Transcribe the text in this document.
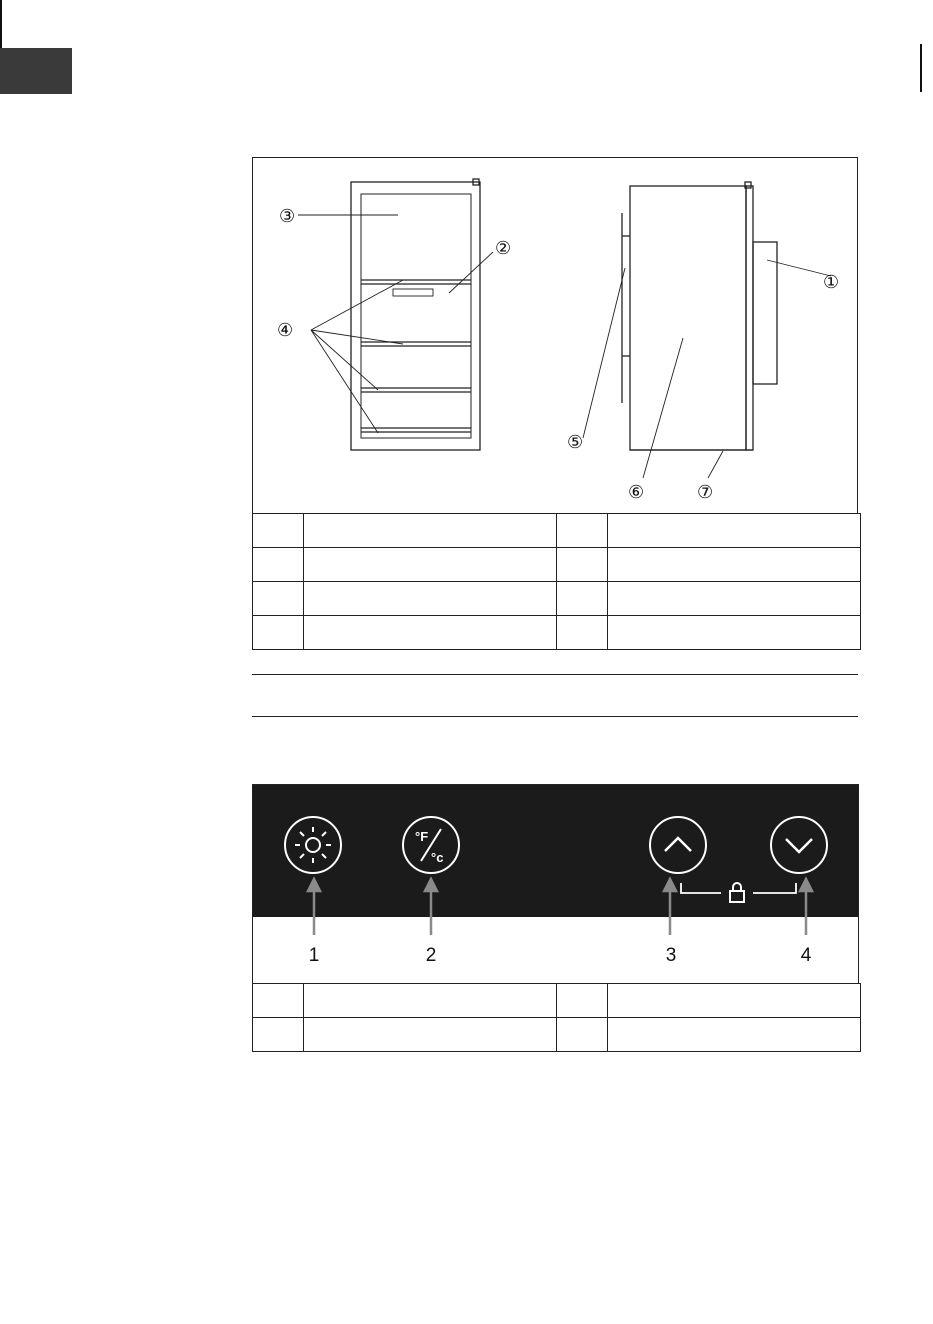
③
②
④
⑤
⑥	⑦
①

°F
°c
1	2	3	4
